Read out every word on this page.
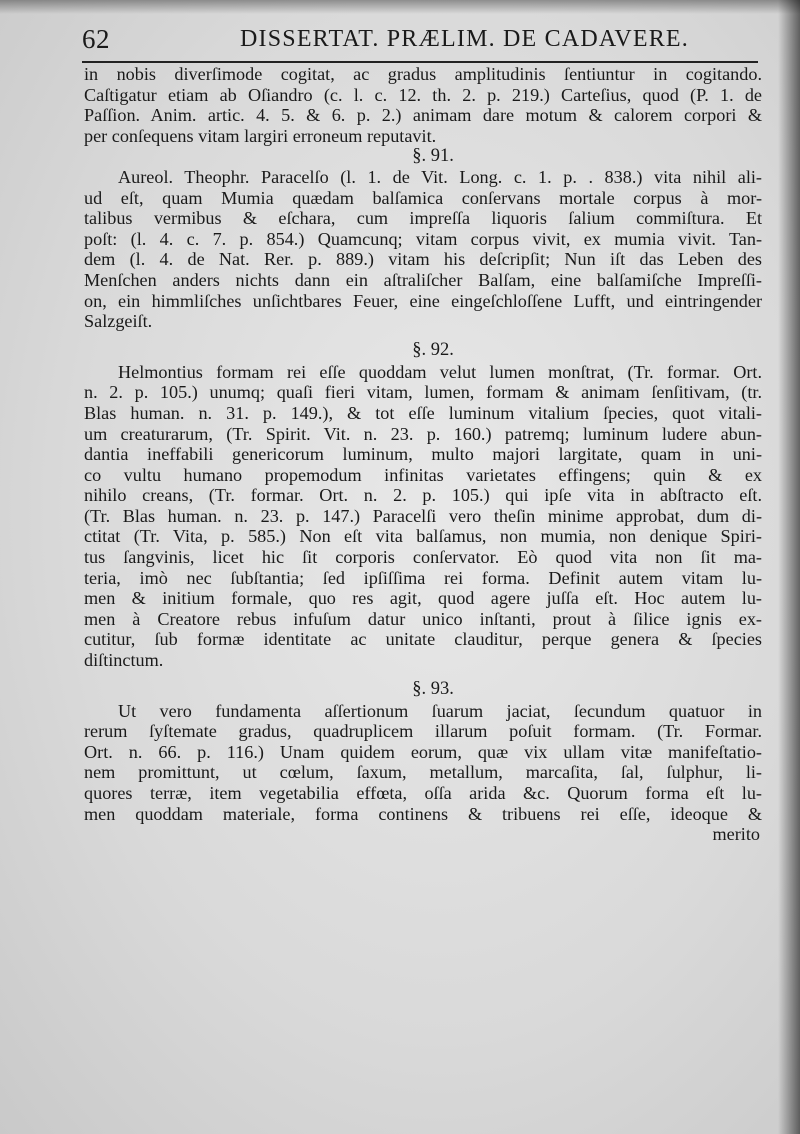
62	DISSERTAT. PRÆLIM. DE CADAVERE.
in nobis diverſimode cogitat, ac gradus amplitudinis ſentiuntur in cogitando.
Caſtigatur etiam ab Oſiandro (c. l. c. 12. th. 2. p. 219.) Carteſius, quod (P. 1. de
Paſſion. Anim. artic. 4. 5. & 6. p. 2.) animam dare motum & calorem corpori &
per conſequens vitam largiri erroneum reputavit.
§. 91.
Aureol. Theophr. Paracelſo (l. 1. de Vit. Long. c. 1. p. . 838.) vita nihil ali-
ud eſt, quam Mumia quædam balſamica conſervans mortale corpus à mor-
talibus vermibus & eſchara, cum impreſſa liquoris ſalium commiſtura. Et
poſt: (l. 4. c. 7. p. 854.) Quamcunq; vitam corpus vivit, ex mumia vivit. Tan-
dem (l. 4. de Nat. Rer. p. 889.) vitam his deſcripſit; Nun iſt das Leben des
Menſchen anders nichts dann ein aſtraliſcher Balſam, eine balſamiſche Impreſſi-
on, ein himmliſches unſichtbares Feuer, eine eingeſchloſſene Lufft, und eintringender
Salzgeiſt.
§. 92.
Helmontius formam rei eſſe quoddam velut lumen monſtrat, (Tr. formar. Ort.
n. 2. p. 105.) unumq; quaſi fieri vitam, lumen, formam & animam ſenſitivam, (tr.
Blas human. n. 31. p. 149.), & tot eſſe luminum vitalium ſpecies, quot vitali-
um creaturarum, (Tr. Spirit. Vit. n. 23. p. 160.) patremq; luminum ludere abun-
dantia ineffabili genericorum luminum, multo majori largitate, quam in uni-
co vultu humano propemodum infinitas varietates effingens; quin & ex
nihilo creans, (Tr. formar. Ort. n. 2. p. 105.) qui ipſe vita in abſtracto eſt.
(Tr. Blas human. n. 23. p. 147.) Paracelſi vero theſin minime approbat, dum di-
ctitat (Tr. Vita, p. 585.) Non eſt vita balſamus, non mumia, non denique Spiri-
tus ſangvinis, licet hic ſit corporis conſervator. Eò quod vita non ſit ma-
teria, imò nec ſubſtantia; ſed ipſiſſima rei forma. Definit autem vitam lu-
men & initium formale, quo res agit, quod agere juſſa eſt. Hoc autem lu-
men à Creatore rebus infuſum datur unico inſtanti, prout à ſilice ignis ex-
cutitur, ſub formæ identitate ac unitate clauditur, perque genera & ſpecies
diſtinctum.
§. 93.
Ut vero fundamenta aſſertionum ſuarum jaciat, ſecundum quatuor in
rerum ſyſtemate gradus, quadruplicem illarum poſuit formam. (Tr. Formar.
Ort. n. 66. p. 116.) Unam quidem eorum, quæ vix ullam vitæ manifeſtatio-
nem promittunt, ut cœlum, ſaxum, metallum, marcaſita, ſal, ſulphur, li-
quores terræ, item vegetabilia effœta, oſſa arida &c. Quorum forma eſt lu-
men quoddam materiale, forma continens & tribuens rei eſſe, ideoque &
merito
